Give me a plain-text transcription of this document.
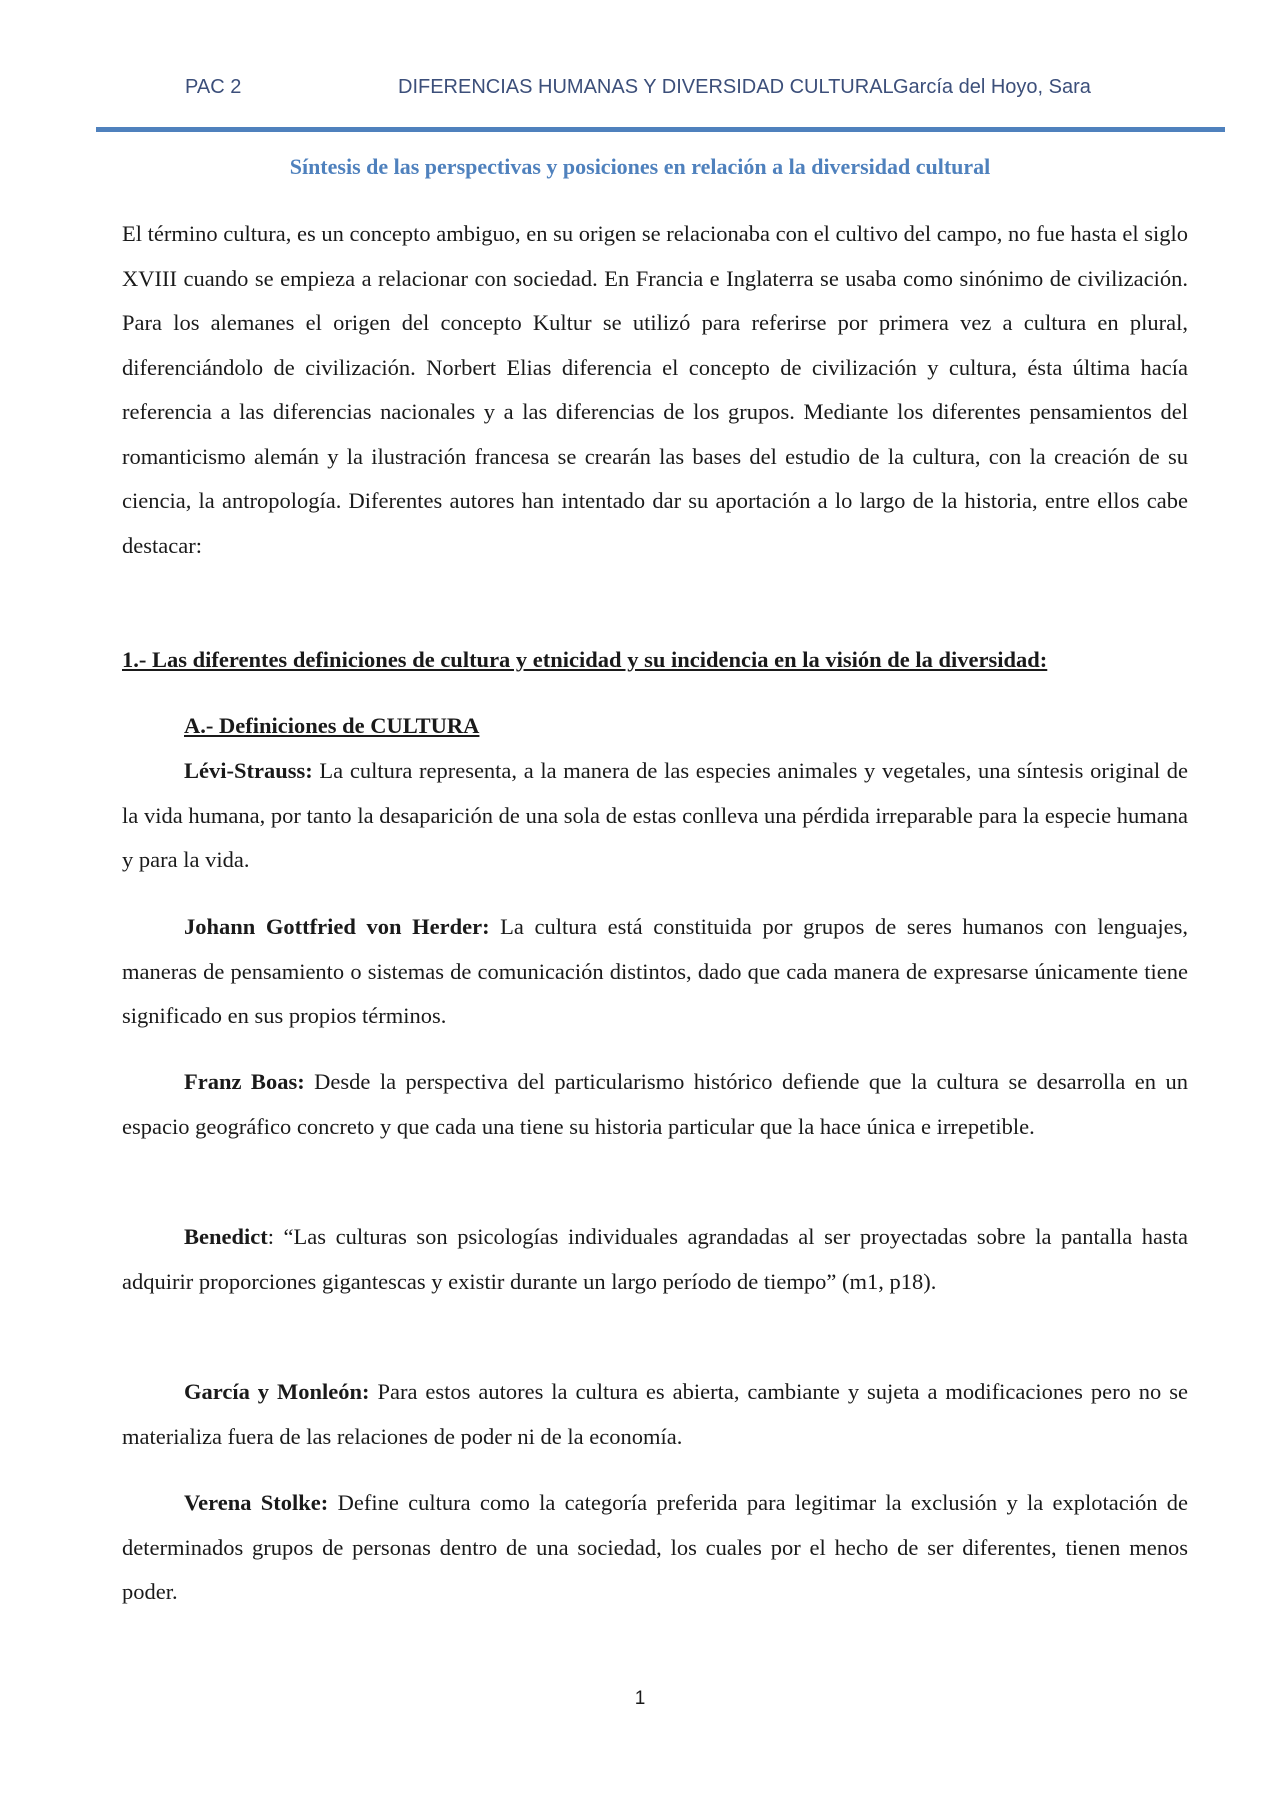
PAC 2	DIFERENCIAS HUMANAS Y DIVERSIDAD CULTURAL García del Hoyo, Sara
Síntesis de las perspectivas y posiciones en relación a la diversidad cultural

El término cultura, es un concepto ambiguo, en su origen se relacionaba con el cultivo del campo, no fue hasta el siglo XVIII cuando se empieza a relacionar con sociedad. En Francia e Inglaterra se usaba como sinónimo de civilización. Para los alemanes el origen del concepto Kultur se utilizó para referirse por primera vez a cultura en plural, diferenciándolo de civilización. Norbert Elias diferencia el concepto de civilización y cultura, ésta última hacía referencia a las diferencias nacionales y a las diferencias de los grupos. Mediante los diferentes pensamientos del romanticismo alemán y la ilustración francesa se crearán las bases del estudio de la cultura, con la creación de su ciencia, la antropología. Diferentes autores han intentado dar su aportación a lo largo de la historia, entre ellos cabe destacar:

1.- Las diferentes definiciones de cultura y etnicidad y su incidencia en la visión de la diversidad:

A.- Definiciones de CULTURA

Lévi-Strauss: La cultura representa, a la manera de las especies animales y vegetales, una síntesis original de la vida humana, por tanto la desaparición de una sola de estas conlleva una pérdida irreparable para la especie humana y para la vida.

Johann Gottfried von Herder: La cultura está constituida por grupos de seres humanos con lenguajes, maneras de pensamiento o sistemas de comunicación distintos, dado que cada manera de expresarse únicamente tiene significado en sus propios términos.

Franz Boas: Desde la perspectiva del particularismo histórico defiende que la cultura se desarrolla en un espacio geográfico concreto y que cada una tiene su historia particular que la hace única e irrepetible.

Benedict: “Las culturas son psicologías individuales agrandadas al ser proyectadas sobre la pantalla hasta adquirir proporciones gigantescas y existir durante un largo período de tiempo” (m1, p18).

García y Monleón: Para estos autores la cultura es abierta, cambiante y sujeta a modificaciones pero no se materializa fuera de las relaciones de poder ni de la economía.

Verena Stolke: Define cultura como la categoría preferida para legitimar la exclusión y la explotación de determinados grupos de personas dentro de una sociedad, los cuales por el hecho de ser diferentes, tienen menos poder.

1
